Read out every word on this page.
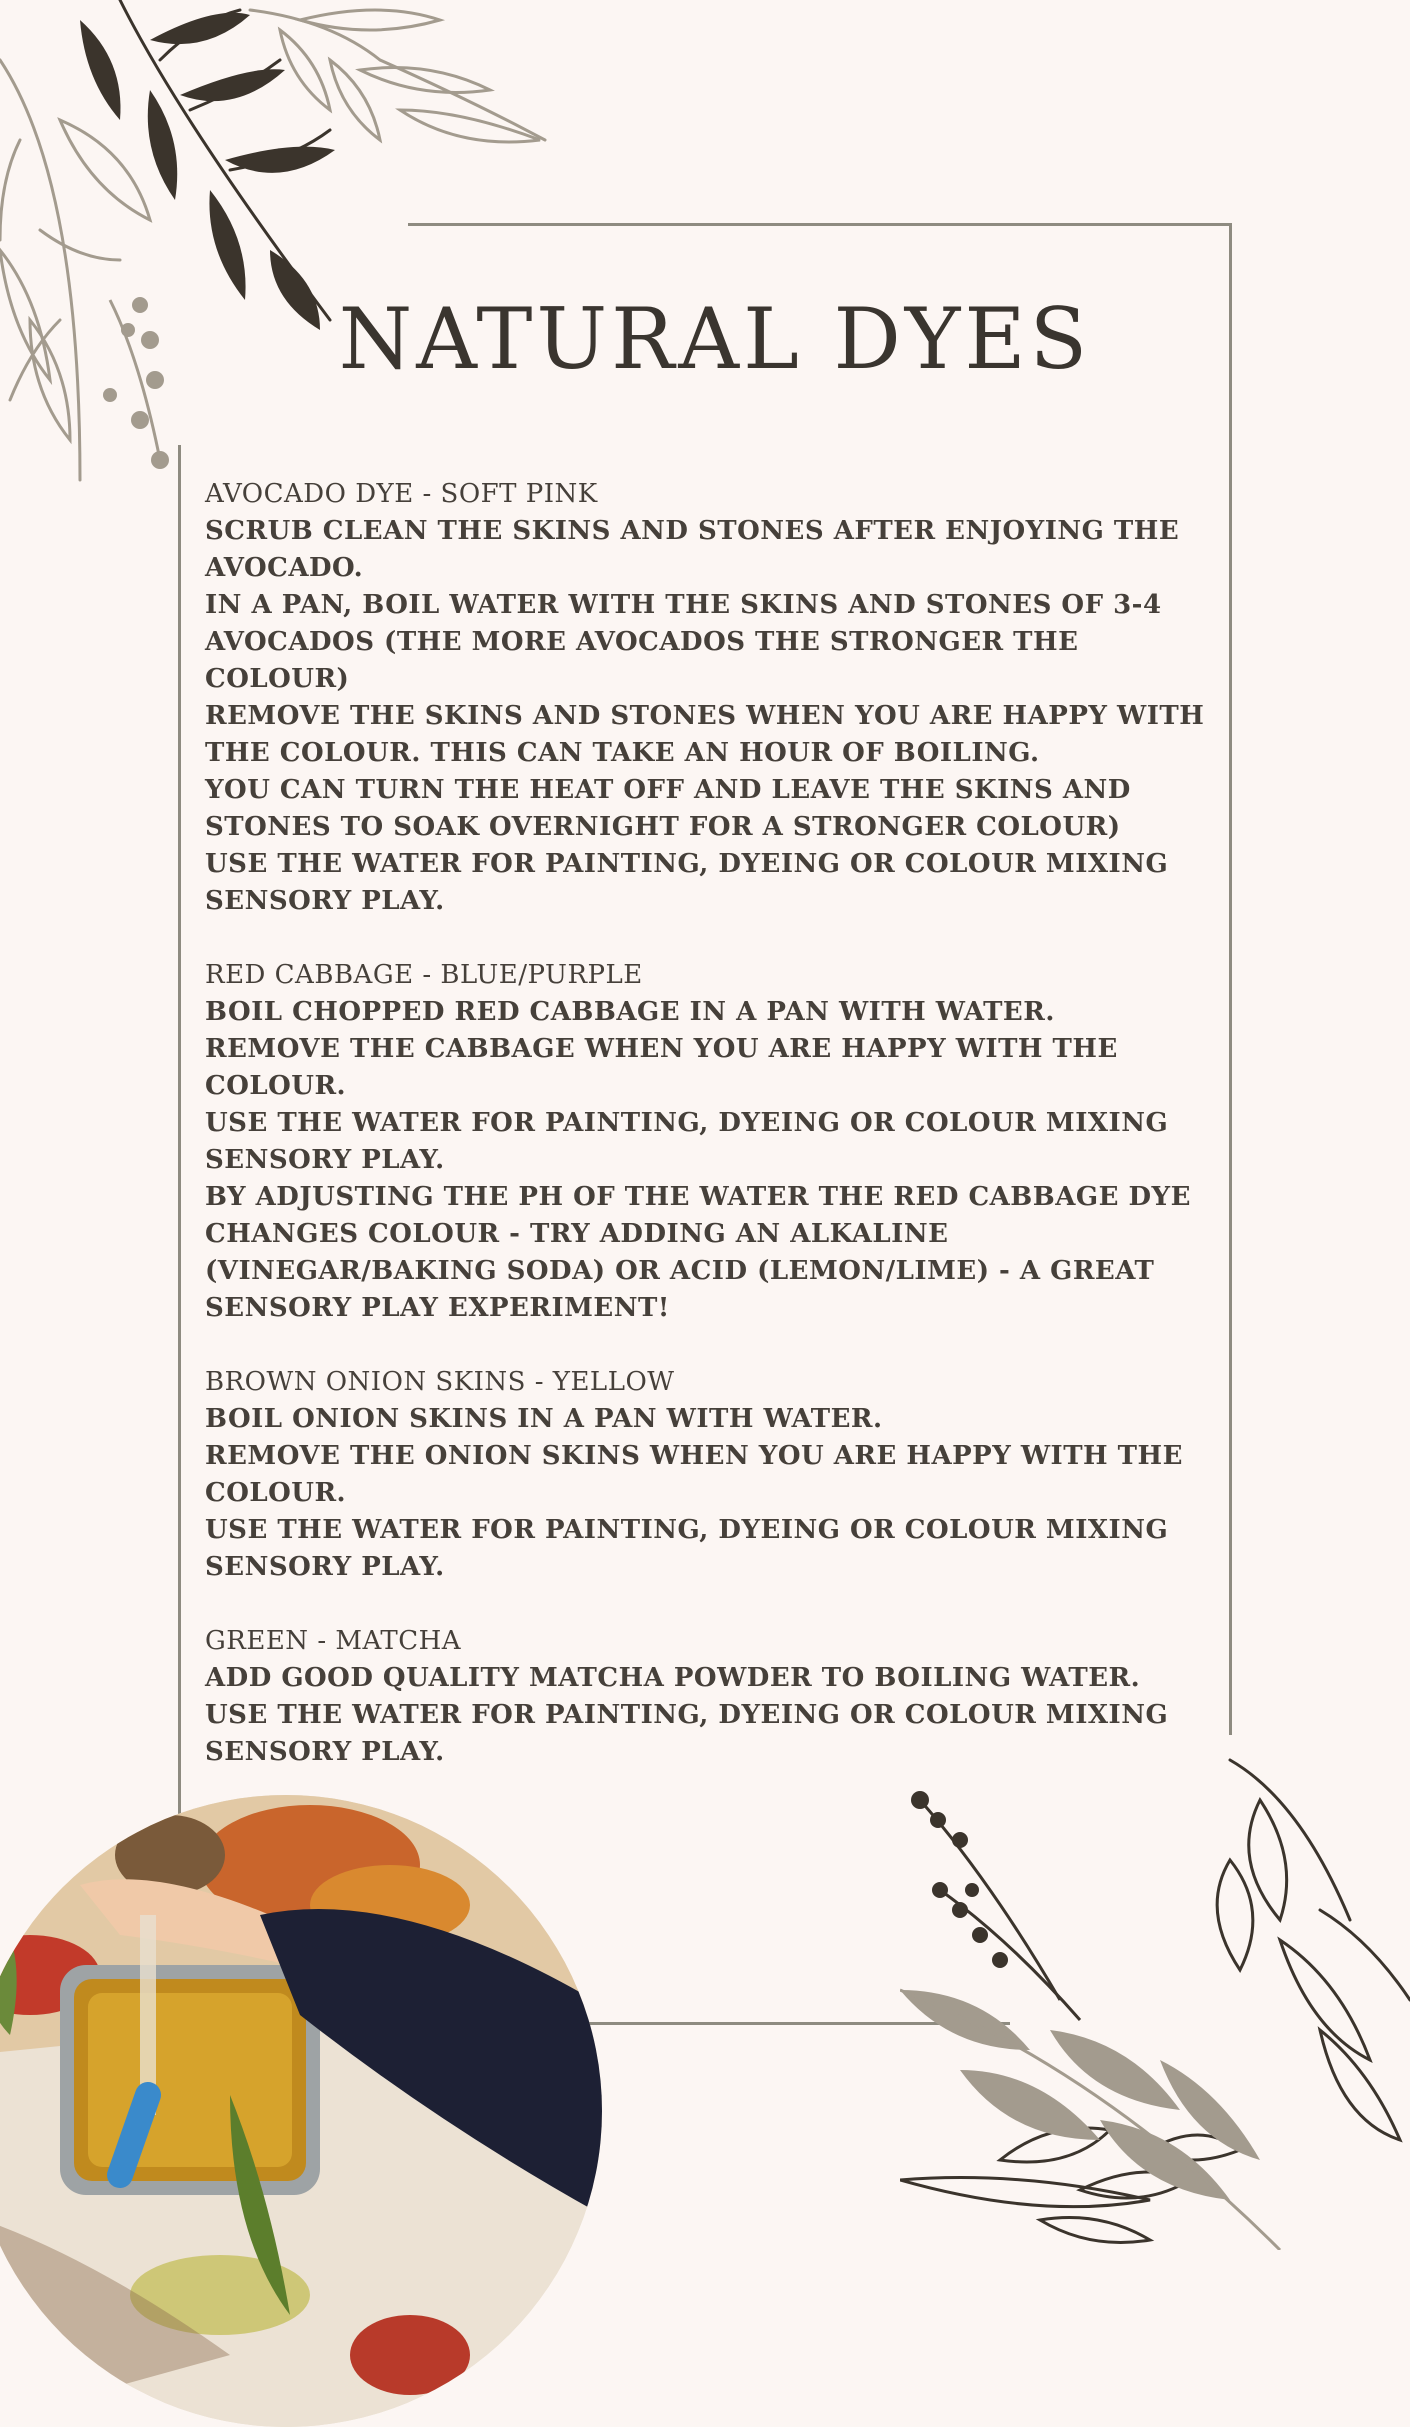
NATURAL DYES
AVOCADO DYE - SOFT PINK
SCRUB CLEAN THE SKINS AND STONES AFTER ENJOYING THE
AVOCADO.
IN A PAN, BOIL WATER WITH THE SKINS AND STONES OF 3-4
AVOCADOS (THE MORE AVOCADOS THE STRONGER THE
COLOUR)
REMOVE THE SKINS AND STONES WHEN YOU ARE HAPPY WITH
THE COLOUR. THIS CAN TAKE AN HOUR OF BOILING.
YOU CAN TURN THE HEAT OFF AND LEAVE THE SKINS AND
STONES TO SOAK OVERNIGHT FOR A STRONGER COLOUR)
USE THE WATER FOR PAINTING, DYEING OR COLOUR MIXING
SENSORY PLAY.
RED CABBAGE - BLUE/PURPLE
BOIL CHOPPED RED CABBAGE IN A PAN WITH WATER.
REMOVE THE CABBAGE WHEN YOU ARE HAPPY WITH THE
COLOUR.
USE THE WATER FOR PAINTING, DYEING OR COLOUR MIXING
SENSORY PLAY.
BY ADJUSTING THE PH OF THE WATER THE RED CABBAGE DYE
CHANGES COLOUR - TRY ADDING AN ALKALINE
(VINEGAR/BAKING SODA) OR ACID (LEMON/LIME) - A GREAT
SENSORY PLAY EXPERIMENT!
BROWN ONION SKINS - YELLOW
BOIL ONION SKINS IN A PAN WITH WATER.
REMOVE THE ONION SKINS WHEN YOU ARE HAPPY WITH THE
COLOUR.
USE THE WATER FOR PAINTING, DYEING OR COLOUR MIXING
SENSORY PLAY.
GREEN - MATCHA
ADD GOOD QUALITY MATCHA POWDER TO BOILING WATER.
USE THE WATER FOR PAINTING, DYEING OR COLOUR MIXING
SENSORY PLAY.
